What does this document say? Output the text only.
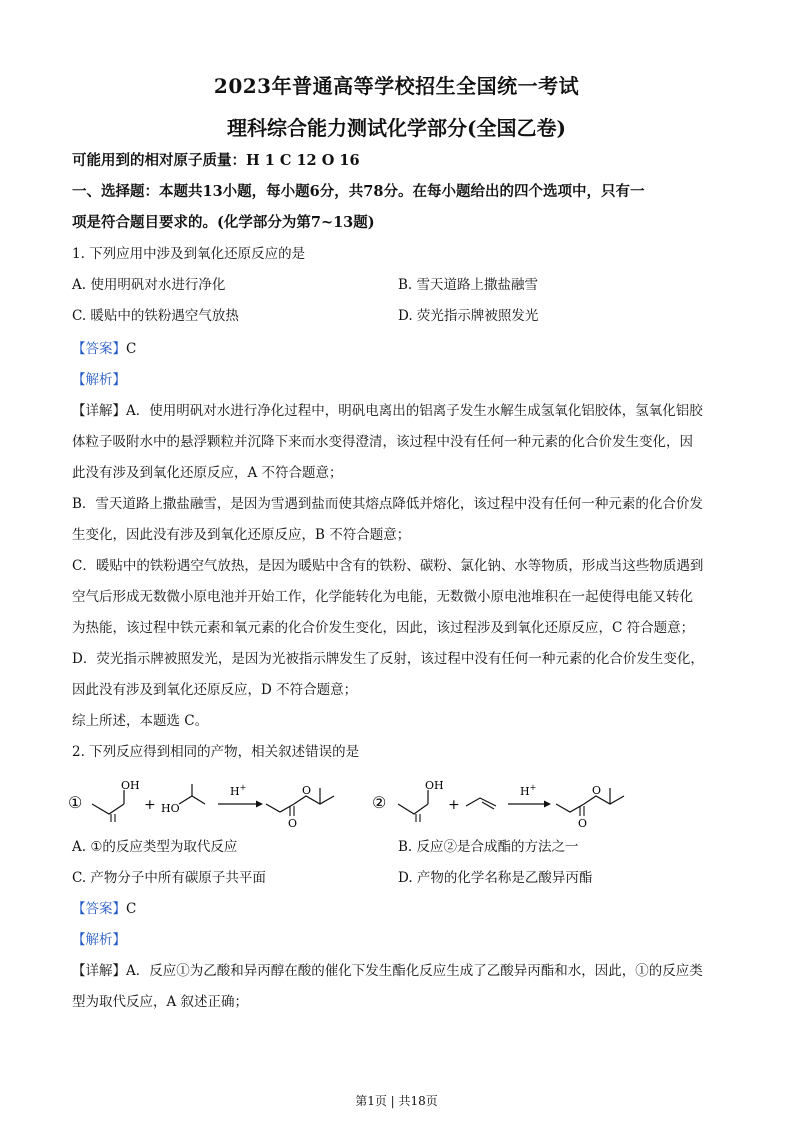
2023年普通高等学校招生全国统一考试
理科综合能力测试化学部分(全国乙卷)
可能用到的相对原子质量：H 1 C 12 O 16
一、选择题：本题共13小题，每小题6分，共78分。在每小题给出的四个选项中，只有一
项是符合题目要求的。(化学部分为第7~13题)
1. 下列应用中涉及到氧化还原反应的是
A. 使用明矾对水进行净化	B. 雪天道路上撒盐融雪
C. 暖贴中的铁粉遇空气放热	D. 荧光指示牌被照发光
【答案】C
【解析】
【详解】A．使用明矾对水进行净化过程中，明矾电离出的铝离子发生水解生成氢氧化铝胶体，氢氧化铝胶
体粒子吸附水中的悬浮颗粒并沉降下来而水变得澄清，该过程中没有任何一种元素的化合价发生变化，因
此没有涉及到氧化还原反应，A 不符合题意；
B．雪天道路上撒盐融雪，是因为雪遇到盐而使其熔点降低并熔化，该过程中没有任何一种元素的化合价发
生变化，因此没有涉及到氧化还原反应，B 不符合题意；
C．暖贴中的铁粉遇空气放热，是因为暖贴中含有的铁粉、碳粉、氯化钠、水等物质，形成当这些物质遇到
空气后形成无数微小原电池并开始工作，化学能转化为电能，无数微小原电池堆积在一起使得电能又转化
为热能，该过程中铁元素和氧元素的化合价发生变化，因此，该过程涉及到氧化还原反应，C 符合题意；
D．荧光指示牌被照发光，是因为光被指示牌发生了反射，该过程中没有任何一种元素的化合价发生变化，
因此没有涉及到氧化还原反应，D 不符合题意；
综上所述，本题选 C。
2. 下列反应得到相同的产物，相关叙述错误的是
①
OH
+ HO
H+	O
O
②
OH
+
H+	O
O
A. ①的反应类型为取代反应	B. 反应②是合成酯的方法之一
C. 产物分子中所有碳原子共平面	D. 产物的化学名称是乙酸异丙酯
【答案】C
【解析】
【详解】A．反应①为乙酸和异丙醇在酸的催化下发生酯化反应生成了乙酸异丙酯和水，因此，①的反应类
型为取代反应，A 叙述正确；
第1页 | 共18页
